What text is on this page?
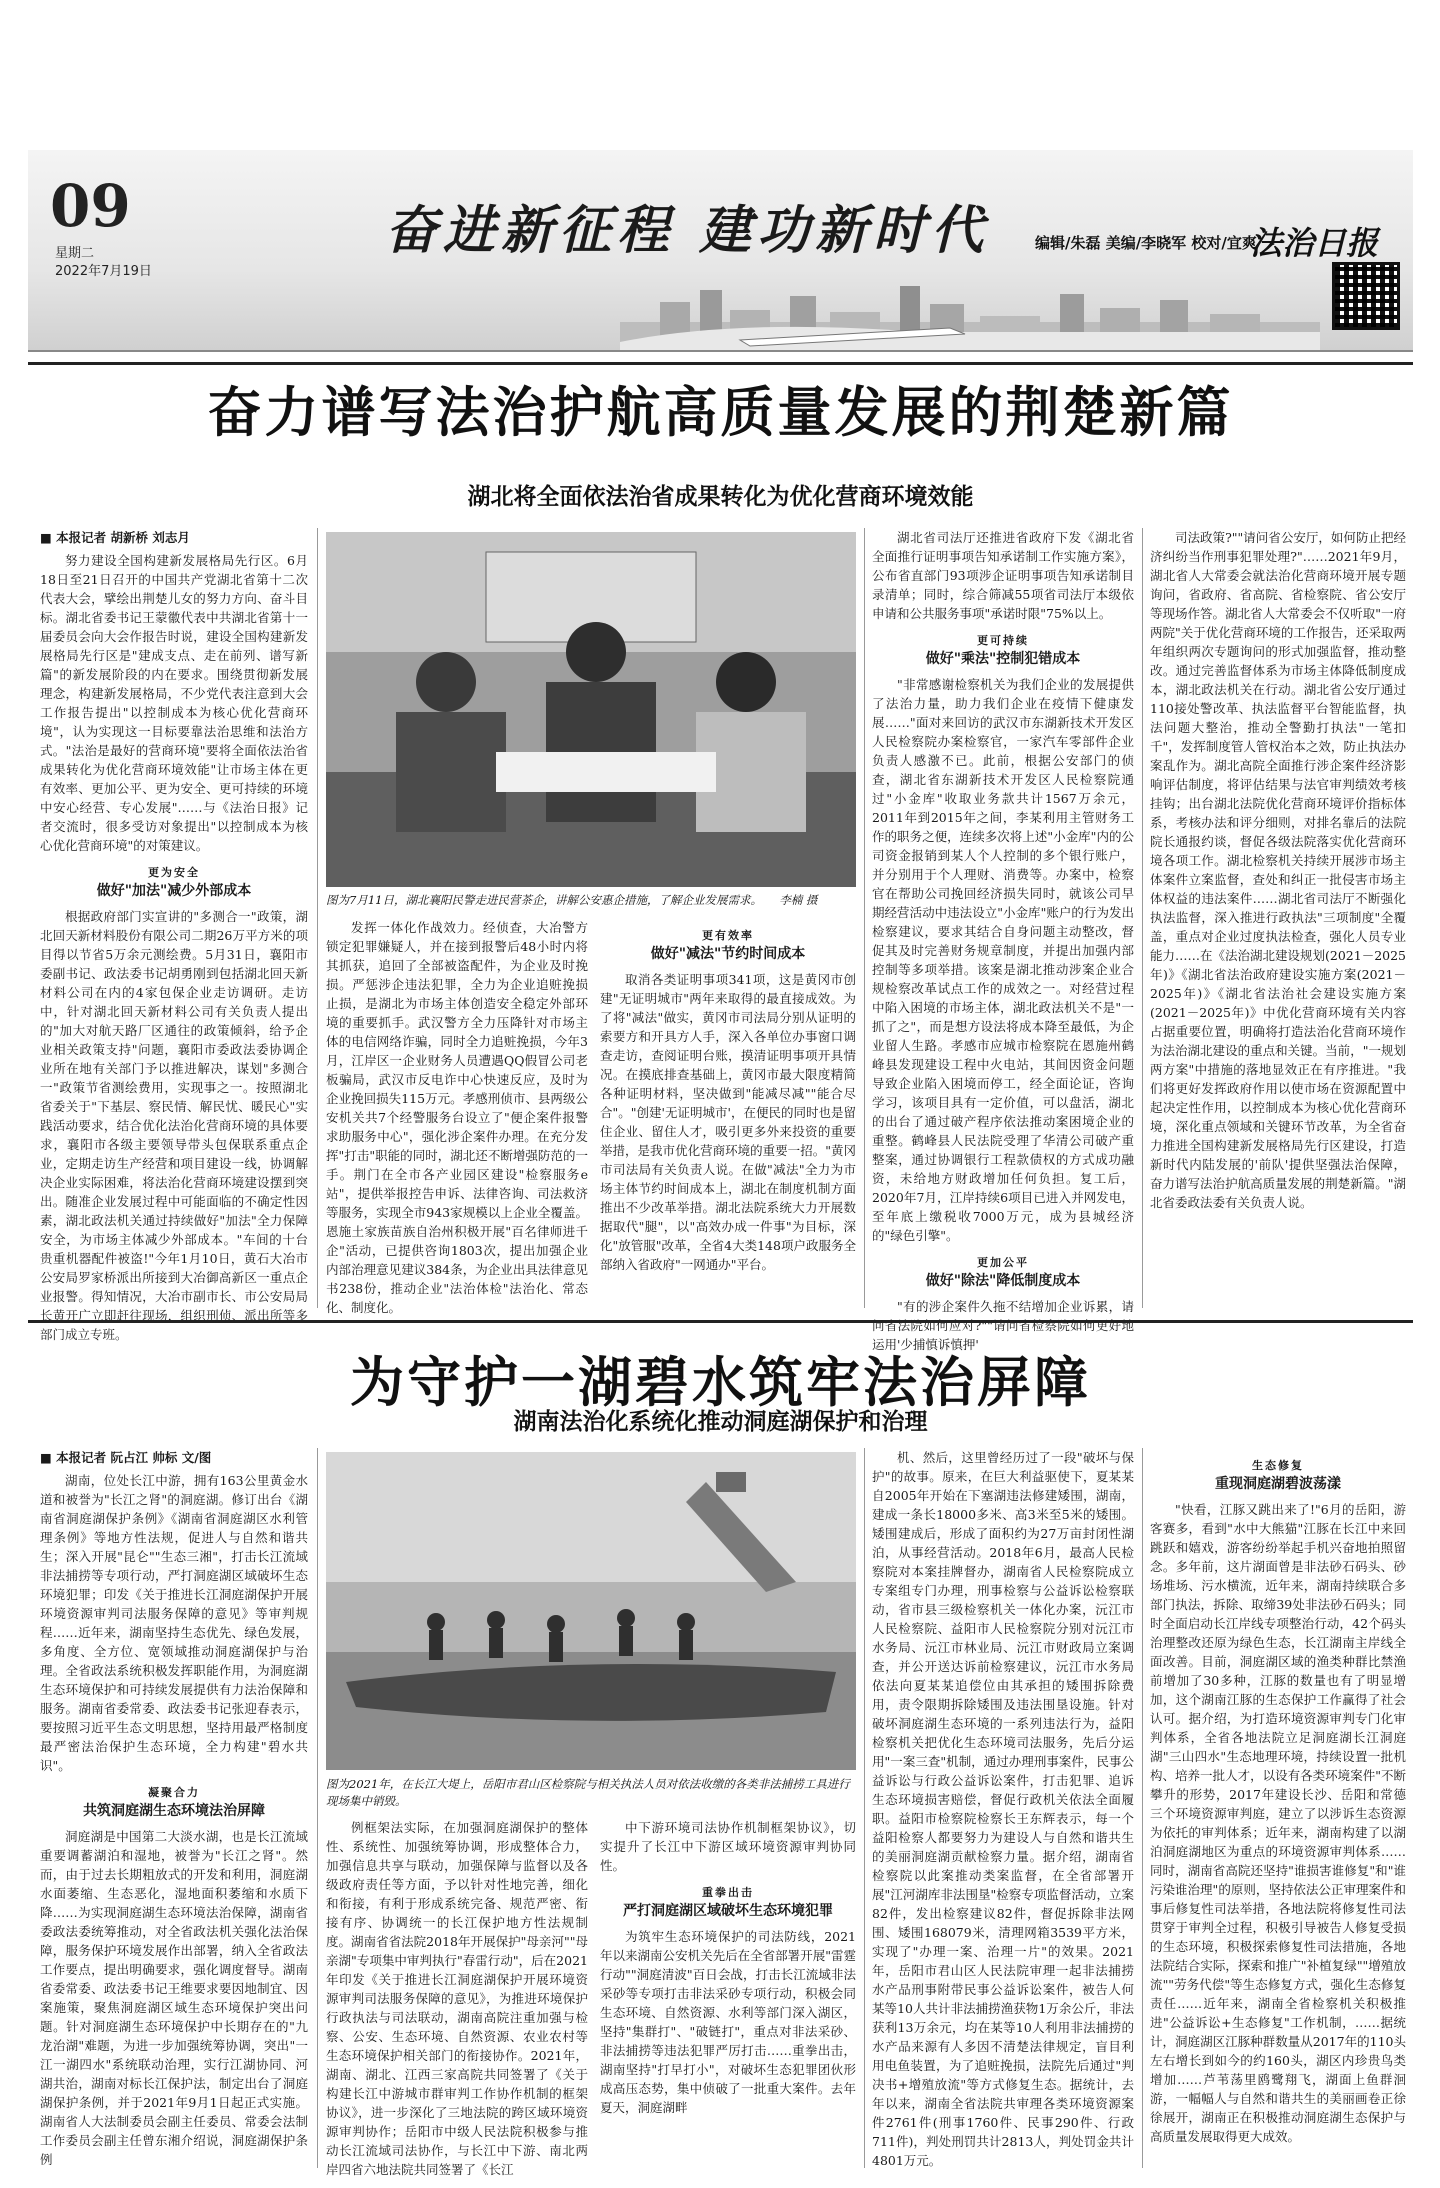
09
星期二
2022年7月19日
奋进新征程 建功新时代	编辑/朱磊 美编/李晓军 校对/宜爽
法治日报
奋力谱写法治护航高质量发展的荆楚新篇
湖北将全面依法治省成果转化为优化营商环境效能
■ 本报记者 胡新桥 刘志月

努力建设全国构建新发展格局先行区。6月18日至21日召开的中国共产党湖北省第十二次代表大会，擘绘出荆楚儿女的努力方向、奋斗目标。湖北省委书记王蒙徽代表中共湖北省第十一届委员会向大会作报告时说，建设全国构建新发展格局先行区是"建成支点、走在前列、谱写新篇"的新发展阶段的内在要求。围绕贯彻新发展理念，构建新发展格局，不少党代表注意到大会工作报告提出"以控制成本为核心优化营商环境"，认为实现这一目标要靠法治思维和法治方式。"法治是最好的营商环境"要将全面依法治省成果转化为优化营商环境效能"让市场主体在更有效率、更加公平、更为安全、更可持续的环境中安心经营、专心发展"……与《法治日报》记者交流时，很多受访对象提出"以控制成本为核心优化营商环境"的对策建议。

更为安全
做好"加法"减少外部成本

根据政府部门实宣讲的"多测合一"政策，湖北回天新材料股份有限公司二期26万平方米的项目得以节省5万余元测绘费。5月31日，襄阳市委副书记、政法委书记胡勇刚到包括湖北回天新材料公司在内的4家包保企业走访调研。走访中，针对湖北回天新材料公司有关负责人提出的"加大对航天路厂区通往的政策倾斜，给予企业相关政策支持"问题，襄阳市委政法委协调企业所在地有关部门予以推进解决，谋划"多测合一"政策节省测绘费用，实现事之一。按照湖北省委关于"下基层、察民情、解民忧、暖民心"实践活动要求，结合优化法治化营商环境的具体要求，襄阳市各级主要领导带头包保联系重点企业，定期走访生产经营和项目建设一线，协调解决企业实际困难，将法治化营商环境建设摆到突出。随准企业发展过程中可能面临的不确定性因素，湖北政法机关通过持续做好"加法"全力保障安全，为市场主体减少外部成本。"车间的十台贵重机器配件被盗!"今年1月10日，黄石大冶市公安局罗家桥派出所接到大冶御高新区一重点企业报警。得知情况，大冶市副市长、市公安局局长黄开广立即赶往现场，组织刑侦、派出所等多部门成立专班。

图为7月11日，湖北襄阳民警走进民营茶企，讲解公安惠企措施，了解企业发展需求。　　李楠 摄

发挥一体化作战效力。经侦查，大冶警方锁定犯罪嫌疑人，并在接到报警后48小时内将其抓获，追回了全部被盗配件，为企业及时挽损。严惩涉企违法犯罪，全力为企业追赃挽损止损，是湖北为市场主体创造安全稳定外部环境的重要抓手。武汉警方全力压降针对市场主体的电信网络诈骗，同时全力追赃挽损，今年3月，江岸区一企业财务人员遭遇QQ假冒公司老板骗局，武汉市反电诈中心快速反应，及时为企业挽回损失115万元。孝感刑侦市、县两级公安机关共7个经警服务台设立了"便企案件报警求助服务中心"，强化涉企案件办理。在充分发挥"打击"职能的同时，湖北还不断增强防范的一手。荆门在全市各产业园区建设"检察服务e站"，提供举报控告申诉、法律咨询、司法救济等服务，实现全市943家规模以上企业全覆盖。恩施土家族苗族自治州积极开展"百名律师进千企"活动，已提供咨询1803次，提出加强企业内部治理意见建议384条，为企业出具法律意见书238份，推动企业"法治体检"法治化、常态化、制度化。

更有效率
做好"减法"节约时间成本

取消各类证明事项341项，这是黄冈市创建"无证明城市"两年来取得的最直接成效。为了将"减法"做实，黄冈市司法局分别从证明的索要方和开具方人手，深入各单位办事窗口调查走访，查阅证明台账，摸清证明事项开具情况。在摸底排查基础上，黄冈市最大限度精简各种证明材料，坚决做到"能减尽减""能合尽合"。"创建'无证明城市'，在便民的同时也是留住企业、留住人才，吸引更多外来投资的重要举措，是我市优化营商环境的重要一招。"黄冈市司法局有关负责人说。在做"减法"全力为市场主体节约时间成本上，湖北在制度机制方面推出不少改革举措。湖北法院系统大力开展数据取代"腿"，以"高效办成一件事"为目标，深化"放管服"改革，全省4大类148项户政服务全部纳入省政府"一网通办"平台。

湖北省司法厅还推进省政府下发《湖北省全面推行证明事项告知承诺制工作实施方案》，公布省直部门93项涉企证明事项告知承诺制目录清单；同时，综合筛减55项省司法厅本级依申请和公共服务事项"承诺时限"75%以上。

更可持续
做好"乘法"控制犯错成本

"非常感谢检察机关为我们企业的发展提供了法治力量，助力我们企业在疫情下健康发展……"面对来回访的武汉市东湖新技术开发区人民检察院办案检察官，一家汽车零部件企业负责人感激不已。此前，根据公安部门的侦查，湖北省东湖新技术开发区人民检察院通过"小金库"收取业务款共计1567万余元，2011年到2015年之间，李某利用主管财务工作的职务之便，连续多次将上述"小金库"内的公司资金报销到某人个人控制的多个银行账户，并分别用于个人理财、消费等。办案中，检察官在帮助公司挽回经济损失同时，就该公司早期经营活动中违法设立"小金库"账户的行为发出检察建议，要求其结合自身问题主动整改，督促其及时完善财务规章制度，并提出加强内部控制等多项举措。该案是湖北推动涉案企业合规检察改革试点工作的成效之一。对经营过程中陷入困境的市场主体，湖北政法机关不是"一抓了之"，而是想方设法将成本降至最低，为企业留人生路。孝感市应城市检察院在恩施州鹤峰县发现建设工程中火电站，其间因资金问题导致企业陷入困境而停工，经全面论证，咨询学习，该项目具有一定价值，可以盘活，湖北的出台了通过破产程序依法推动案困境企业的重整。鹤峰县人民法院受理了华清公司破产重整案，通过协调银行工程款债权的方式成功融资，未给地方财政增加任何负担。复工后，2020年7月，江岸持续6项目已进入并网发电，至年底上缴税收7000万元，成为县城经济的"绿色引擎"。

更加公平
做好"除法"降低制度成本

"有的涉企案件久拖不结增加企业诉累，请问省法院如何应对?""请问省检察院如何更好地运用'少捕慎诉慎押'

司法政策?""请问省公安厅，如何防止把经济纠纷当作刑事犯罪处理?"……2021年9月，湖北省人大常委会就法治化营商环境开展专题询问，省政府、省高院、省检察院、省公安厅等现场作答。湖北省人大常委会不仅听取"一府两院"关于优化营商环境的工作报告，还采取两年组织两次专题询问的形式加强监督，推动整改。通过完善监督体系为市场主体降低制度成本，湖北政法机关在行动。湖北省公安厅通过110接处警改革、执法监督平台智能监督，执法问题大整治，推动全警勤打执法"一笔扣千"，发挥制度管人管权治本之效，防止执法办案乱作为。湖北高院全面推行涉企案件经济影响评估制度，将评估结果与法官审判绩效考核挂钩；出台湖北法院优化营商环境评价指标体系，考核办法和评分细则，对排名靠后的法院院长通报约谈，督促各级法院落实优化营商环境各项工作。湖北检察机关持续开展涉市场主体案件立案监督，查处和纠正一批侵害市场主体权益的违法案件……湖北省司法厅不断强化执法监督，深入推进行政执法"三项制度"全覆盖，重点对企业过度执法检查，强化人员专业能力……在《法治湖北建设规划(2021－2025年)》《湖北省法治政府建设实施方案(2021－2025年)》《湖北省法治社会建设实施方案(2021－2025年)》中优化营商环境有关内容占据重要位置，明确将打造法治化营商环境作为法治湖北建设的重点和关键。当前，"一规划两方案"中措施的落地显效正在有序推进。"我们将更好发挥政府作用以使市场在资源配置中起决定性作用，以控制成本为核心优化营商环境，深化重点领域和关键环节改革，为全省奋力推进全国构建新发展格局先行区建设，打造新时代内陆发展的'前队'提供坚强法治保障，奋力谱写法治护航高质量发展的荆楚新篇。"湖北省委政法委有关负责人说。

为守护一湖碧水筑牢法治屏障
湖南法治化系统化推动洞庭湖保护和治理
■ 本报记者 阮占江 帅标 文/图

湖南，位处长江中游，拥有163公里黄金水道和被誉为"长江之肾"的洞庭湖。修订出台《湖南省洞庭湖保护条例》《湖南省洞庭湖区水利管理条例》等地方性法规，促进人与自然和谐共生；深入开展"昆仑""生态三湘"，打击长江流域非法捕捞等专项行动，严打洞庭湖区域破坏生态环境犯罪；印发《关于推进长江洞庭湖保护开展环境资源审判司法服务保障的意见》等审判规程……近年来，湖南坚持生态优先、绿色发展，多角度、全方位、宽领域推动洞庭湖保护与治理。全省政法系统积极发挥职能作用，为洞庭湖生态环境保护和可持续发展提供有力法治保障和服务。湖南省委常委、政法委书记张迎春表示，要按照习近平生态文明思想，坚持用最严格制度最严密法治保护生态环境，全力构建"碧水共识"。

凝聚合力
共筑洞庭湖生态环境法治屏障

洞庭湖是中国第二大淡水湖，也是长江流域重要调蓄湖泊和湿地，被誉为"长江之肾"。然而，由于过去长期粗放式的开发和利用，洞庭湖水面萎缩、生态恶化，湿地面积萎缩和水质下降……为实现洞庭湖生态环境法治保障，湖南省委政法委统筹推动，对全省政法机关强化法治保障，服务保护环境发展作出部署，纳入全省政法工作要点，提出明确要求，强化调度督导。湖南省委常委、政法委书记王维要求要因地制宜、因案施策，聚焦洞庭湖区域生态环境保护突出问题。针对洞庭湖生态环境保护中长期存在的"九龙治湖"难题，为进一步加强统筹协调，突出"一江一湖四水"系统联动治理，实行江湖协同、河湖共治，湖南对标长江保护法，制定出台了洞庭湖保护条例，并于2021年9月1日起正式实施。湖南省人大法制委员会副主任委员、常委会法制工作委员会副主任曾东湘介绍说，洞庭湖保护条例

图为2021年，在长江大堤上，岳阳市君山区检察院与相关执法人员对依法收缴的各类非法捕捞工具进行现场集中销毁。

例框架法实际，在加强洞庭湖保护的整体性、系统性、加强统筹协调，形成整体合力，加强信息共享与联动，加强保障与监督以及各级政府责任等方面，予以针对性地完善，细化和衔接，有利于形成系统完备、规范严密、衔接有序、协调统一的长江保护地方性法规制度。湖南省省法院2018年开展保护"母亲河""母亲湖"专项集中审判执行"春雷行动"，后在2021年印发《关于推进长江洞庭湖保护开展环境资源审判司法服务保障的意见》，为推进环境保护行政执法与司法联动，湖南高院注重加强与检察、公安、生态环境、自然资源、农业农村等生态环境保护相关部门的衔接协作。2021年，湖南、湖北、江西三家高院共同签署了《关于构建长江中游城市群审判工作协作机制的框架协议》，进一步深化了三地法院的跨区域环境资源审判协作；岳阳市中级人民法院积极参与推动长江流域司法协作，与长江中下游、南北两岸四省六地法院共同签署了《长江

中下游环境司法协作机制框架协议》，切实提升了长江中下游区域环境资源审判协同性。

重拳出击
严打洞庭湖区域破坏生态环境犯罪

为筑牢生态环境保护的司法防线，2021年以来湖南公安机关先后在全省部署开展"雷霆行动""洞庭清波"百日会战，打击长江流域非法采砂等专项打击非法采砂专项行动，积极会同生态环境、自然资源、水利等部门深入湖区，坚持"集群打"、"破链打"，重点对非法采砂、非法捕捞等违法犯罪严厉打击……重拳出击，湖南坚持"打早打小"，对破坏生态犯罪团伙形成高压态势，集中侦破了一批重大案件。去年夏天，洞庭湖畔

机、然后，这里曾经历过了一段"破坏与保护"的故事。原来，在巨大利益驱使下，夏某某自2005年开始在下塞湖违法修建矮围，湖南，建成一条长18000多米、高3米至5米的矮围。矮围建成后，形成了面积约为27万亩封闭性湖泊，从事经营活动。2018年6月，最高人民检察院对本案挂牌督办，湖南省人民检察院成立专案组专门办理，刑事检察与公益诉讼检察联动，省市县三级检察机关一体化办案，沅江市人民检察院、益阳市人民检察院分别对沅江市水务局、沅江市林业局、沅江市财政局立案调查，并公开送达诉前检察建议，沅江市水务局依法向夏某某追偿位由其承担的矮围拆除费用，责令限期拆除矮围及违法围垦设施。针对破坏洞庭湖生态环境的一系列违法行为，益阳检察机关把优化生态环境司法服务，先后分运用"一案三查"机制，通过办理刑事案件，民事公益诉讼与行政公益诉讼案件，打击犯罪、追诉生态环境损害赔偿，督促行政机关依法全面履职。益阳市检察院检察长王东辉表示，每一个益阳检察人都要努力为建设人与自然和谐共生的美丽洞庭湖贡献检察力量。据介绍，湖南省检察院以此案推动类案监督，在全省部署开展"江河湖库非法围垦"检察专项监督活动，立案82件，发出检察建议82件，督促拆除非法网围、矮围168079米，清理网箱3539平方米，实现了"办理一案、治理一片"的效果。2021年，岳阳市君山区人民法院审理一起非法捕捞水产品刑事附带民事公益诉讼案件，被告人何某等10人共计非法捕捞渔获物1万余公斤，非法获利13万余元，均在某等10人利用非法捕捞的水产品来源有人多因不清楚法律规定，盲目利用电鱼装置，为了追赃挽损，法院先后通过"判决书+增殖放流"等方式修复生态。据统计，去年以来，湖南全省法院共审理各类环境资源案件2761件(刑事1760件、民事290件、行政711件)，判处刑罚共计2813人，判处罚金共计4801万元。

生态修复
重现洞庭湖碧波荡漾

"快看，江豚又跳出来了!"6月的岳阳，游客赛多，看到"水中大熊猫"江豚在长江中来回跳跃和嬉戏，游客纷纷举起手机兴奋地拍照留念。多年前，这片湖面曾是非法砂石码头、砂场堆场、污水横流，近年来，湖南持续联合多部门执法，拆除、取缔39处非法砂石码头；同时全面启动长江岸线专项整治行动，42个码头治理整改还原为绿色生态，长江湖南主岸线全面改善。目前，洞庭湖区域的渔类种群比禁渔前增加了30多种，江豚的数量也有了明显增加，这个湖南江豚的生态保护工作赢得了社会认可。据介绍，为打造环境资源审判专门化审判体系，全省各地法院立足洞庭湖长江洞庭湖"三山四水"生态地理环境，持续设置一批机构、培养一批人才，以设有各类环境案件"不断攀升的形势，2017年建设长沙、岳阳和常德三个环境资源审判庭，建立了以涉诉生态资源为依托的审判体系；近年来，湖南构建了以湖泊洞庭湖地区为重点的环境资源审判体系……同时，湖南省高院还坚持"谁损害谁修复"和"谁污染谁治理"的原则，坚持依法公正审理案件和事后修复性司法举措，各地法院将修复性司法贯穿于审判全过程，积极引导被告人修复受损的生态环境，积极探索修复性司法措施，各地法院结合实际，探索和推广"补植复绿""增殖放流""劳务代偿"等生态修复方式，强化生态修复责任……近年来，湖南全省检察机关积极推进"公益诉讼+生态修复"工作机制，……据统计，洞庭湖区江豚种群数量从2017年的110头左右增长到如今的约160头，湖区内珍贵鸟类增加……芦苇荡里鸥鹭翔飞，湖面上鱼群洄游，一幅幅人与自然和谐共生的美丽画卷正徐徐展开，湖南正在积极推动洞庭湖生态保护与高质量发展取得更大成效。
